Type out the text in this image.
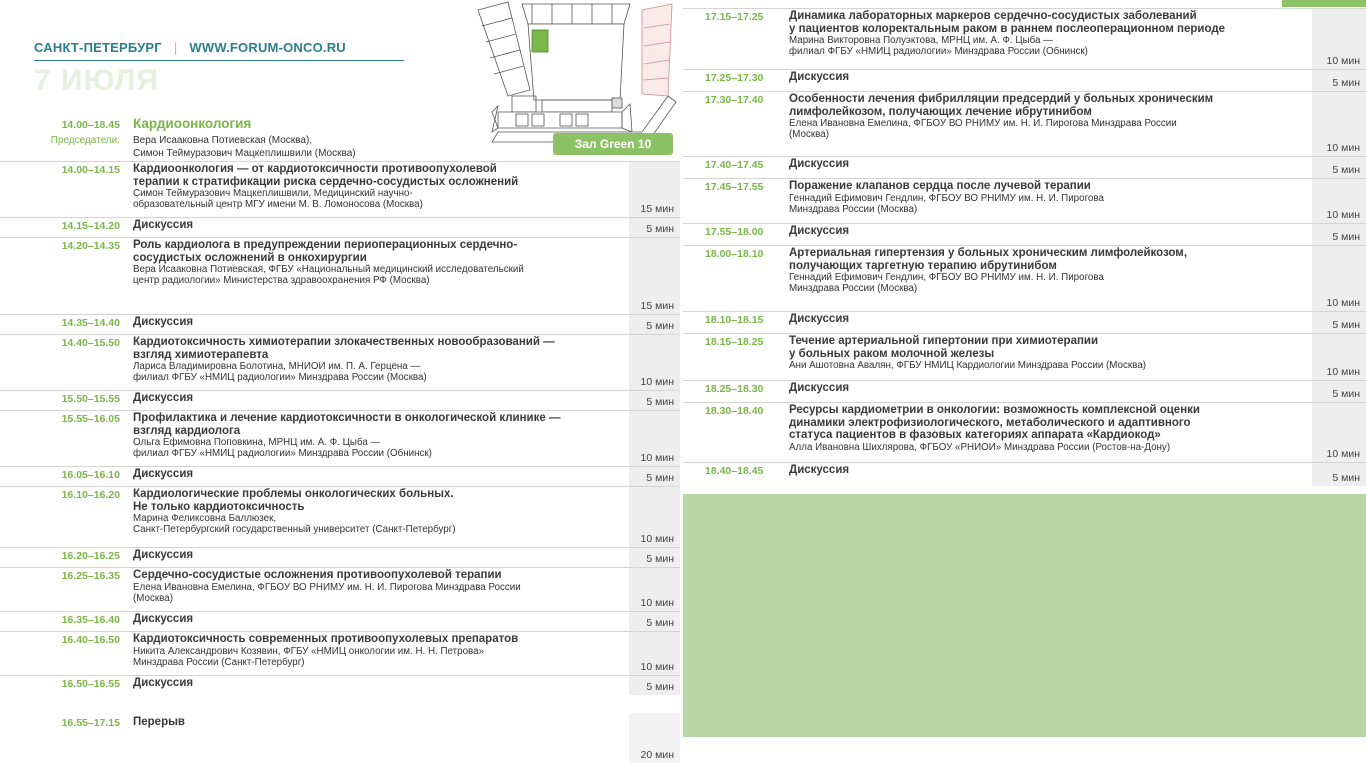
САНКТ-ПЕТЕРБУРГ | WWW.FORUM-ONCO.RU
7 ИЮЛЯ
Зал Green 10
14.00–18.45
Председатели:
Кардиоонкология
Вера Исааковна Потиевская (Москва),
Симон Теймуразович Мацкеплишвили (Москва)
15 мин
14.00–14.15 Кардиоонкология — от кардиотоксичности противоопухолевой
терапии к стратификации риска сердечно-сосудистых осложнений
Симон Теймуразович Мацкеплишвили, Медицинский научно-
образовательный центр МГУ имени М. В. Ломоносова (Москва)
5 мин
14.15–14.20 Дискуссия
15 мин
14.20–14.35 Роль кардиолога в предупреждении периоперационных сердечно-
сосудистых осложнений в онкохирургии
Вера Исааковна Потиевская, ФГБУ «Национальный медицинский исследовательский
центр радиологии» Министерства здравоохранения РФ (Москва)
5 мин
14.35–14.40 Дискуссия
10 мин
14.40–15.50 Кардиотоксичность химиотерапии злокачественных новообразований —
взгляд химиотерапевта
Лариса Владимировна Болотина, МНИОИ им. П. А. Герцена —
филиал ФГБУ «НМИЦ радиологии» Минздрава России (Москва)
5 мин
15.50–15.55 Дискуссия
10 мин
15.55–16.05 Профилактика и лечение кардиотоксичности в онкологической клинике —
взгляд кардиолога
Ольга Ефимовна Поповкина, МРНЦ им. А. Ф. Цыба —
филиал ФГБУ «НМИЦ радиологии» Минздрава России (Обнинск)
5 мин
16.05–16.10 Дискуссия
10 мин
16.10–16.20 Кардиологические проблемы онкологических больных.
Не только кардиотоксичность
Марина Феликсовна Баллюзек,
Санкт-Петербургский государственный университет (Санкт-Петербург)
5 мин
16.20–16.25 Дискуссия
10 мин
16.25–16.35 Сердечно-сосудистые осложнения противоопухолевой терапии
Елена Ивановна Емелина, ФГБОУ ВО РНИМУ им. Н. И. Пирогова Минздрава России
(Москва)
5 мин
16.35–16.40 Дискуссия
10 мин
16.40–16.50 Кардиотоксичность современных противоопухолевых препаратов
Никита Александрович Козявин, ФГБУ «НМИЦ онкологии им. Н. Н. Петрова»
Минздрава России (Санкт-Петербург)
5 мин
16.50–16.55 Дискуссия
20 мин
16.55–17.15 Перерыв
10 мин
17.15–17.25 Динамика лабораторных маркеров сердечно-сосудистых заболеваний
у пациентов колоректальным раком в раннем послеоперационном периоде
Марина Викторовна Полуэктова, МРНЦ им. А. Ф. Цыба —
филиал ФГБУ «НМИЦ радиологии» Минздрава России (Обнинск)
5 мин
17.25–17.30 Дискуссия
10 мин
17.30–17.40 Особенности лечения фибрилляции предсердий у больных хроническим
лимфолейкозом, получающих лечение ибрутинибом
Елена Ивановна Емелина, ФГБОУ ВО РНИМУ им. Н. И. Пирогова Минздрава России
(Москва)
5 мин
17.40–17.45 Дискуссия
10 мин
17.45–17.55 Поражение клапанов сердца после лучевой терапии
Геннадий Ефимович Гендлин, ФГБОУ ВО РНИМУ им. Н. И. Пирогова
Минздрава России (Москва)
5 мин
17.55–18.00 Дискуссия
10 мин
18.00–18.10 Артериальная гипертензия у больных хроническим лимфолейкозом,
получающих таргетную терапию ибрутинибом
Геннадий Ефимович Гендлин, ФГБОУ ВО РНИМУ им. Н. И. Пирогова
Минздрава России (Москва)
5 мин
18.10–18.15 Дискуссия
10 мин
18.15–18.25 Течение артериальной гипертонии при химиотерапии
у больных раком молочной железы
Ани Ашотовна Авалян, ФГБУ НМИЦ Кардиологии Минздрава России (Москва)
5 мин
18.25–18.30 Дискуссия
10 мин
18.30–18.40 Ресурсы кардиометрии в онкологии: возможность комплексной оценки
динамики электрофизиологического, метаболического и адаптивного
статуса пациентов в фазовых категориях аппарата «Кардиокод»
Алла Ивановна Шихлярова, ФГБОУ «РНИОИ» Минздрава России (Ростов-на-Дону)
5 мин
18.40–18.45 Дискуссия
